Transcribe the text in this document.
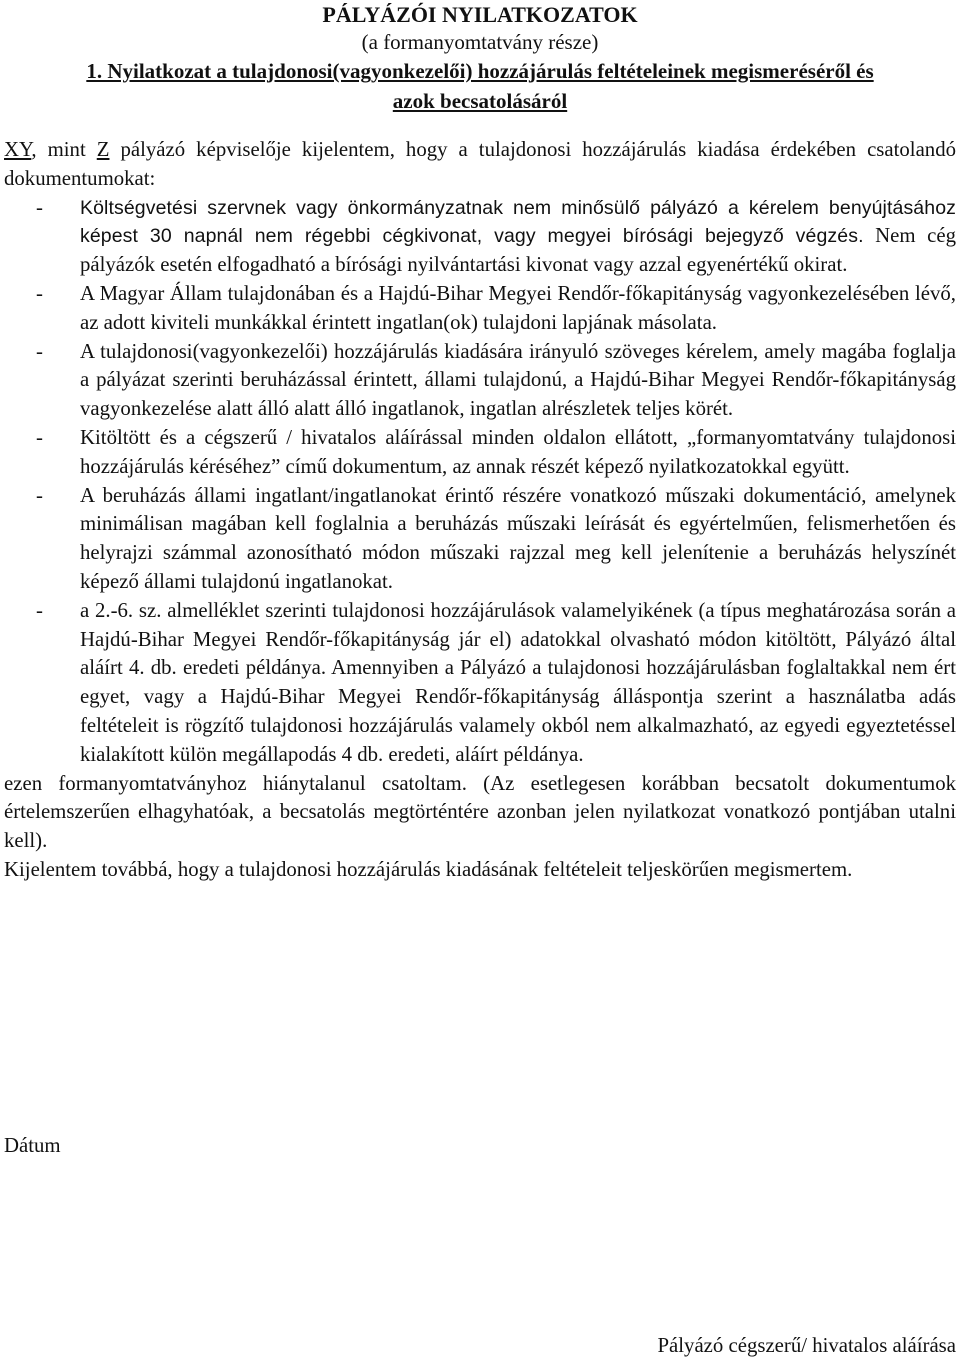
PÁLYÁZÓI NYILATKOZATOK
(a formanyomtatvány része)
1. Nyilatkozat a tulajdonosi(vagyonkezelői) hozzájárulás feltételeinek megismeréséről és
azok becsatolásáról

XY, mint Z pályázó képviselője kijelentem, hogy a tulajdonosi hozzájárulás kiadása érdekében csatolandó dokumentumokat:

- Költségvetési szervnek vagy önkormányzatnak nem minősülő pályázó a kérelem benyújtásához képest 30 napnál nem régebbi cégkivonat, vagy megyei bírósági bejegyző végzés. Nem cég pályázók esetén elfogadható a bírósági nyilvántartási kivonat vagy azzal egyenértékű okirat.
- A Magyar Állam tulajdonában és a Hajdú-Bihar Megyei Rendőr-főkapitányság vagyonkezelésében lévő, az adott kiviteli munkákkal érintett ingatlan(ok) tulajdoni lapjának másolata.
- A tulajdonosi(vagyonkezelői) hozzájárulás kiadására irányuló szöveges kérelem, amely magába foglalja a pályázat szerinti beruházással érintett, állami tulajdonú, a Hajdú-Bihar Megyei Rendőr-főkapitányság vagyonkezelése alatt álló alatt álló ingatlanok, ingatlan alrészletek teljes körét.
- Kitöltött és a cégszerű / hivatalos aláírással minden oldalon ellátott, „formanyomtatvány tulajdonosi hozzájárulás kéréséhez” című dokumentum, az annak részét képező nyilatkozatokkal együtt.
- A beruházás állami ingatlant/ingatlanokat érintő részére vonatkozó műszaki dokumentáció, amelynek minimálisan magában kell foglalnia a beruházás műszaki leírását és egyértelműen, felismerhetően és helyrajzi számmal azonosítható módon műszaki rajzzal meg kell jelenítenie a beruházás helyszínét képező állami tulajdonú ingatlanokat.
- a 2.-6. sz. almelléklet szerinti tulajdonosi hozzájárulások valamelyikének (a típus meghatározása során a Hajdú-Bihar Megyei Rendőr-főkapitányság jár el) adatokkal olvasható módon kitöltött, Pályázó által aláírt 4. db. eredeti példánya. Amennyiben a Pályázó a tulajdonosi hozzájárulásban foglaltakkal nem ért egyet, vagy a Hajdú-Bihar Megyei Rendőr-főkapitányság álláspontja szerint a használatba adás feltételeit is rögzítő tulajdonosi hozzájárulás valamely okból nem alkalmazható, az egyedi egyeztetéssel kialakított külön megállapodás 4 db. eredeti, aláírt példánya.

ezen formanyomtatványhoz hiánytalanul csatoltam. (Az esetlegesen korábban becsatolt dokumentumok értelemszerűen elhagyhatóak, a becsatolás megtörténtére azonban jelen nyilatkozat vonatkozó pontjában utalni kell).

Kijelentem továbbá, hogy a tulajdonosi hozzájárulás kiadásának feltételeit teljeskörűen megismertem.

Dátum
Pályázó cégszerű/ hivatalos aláírása
